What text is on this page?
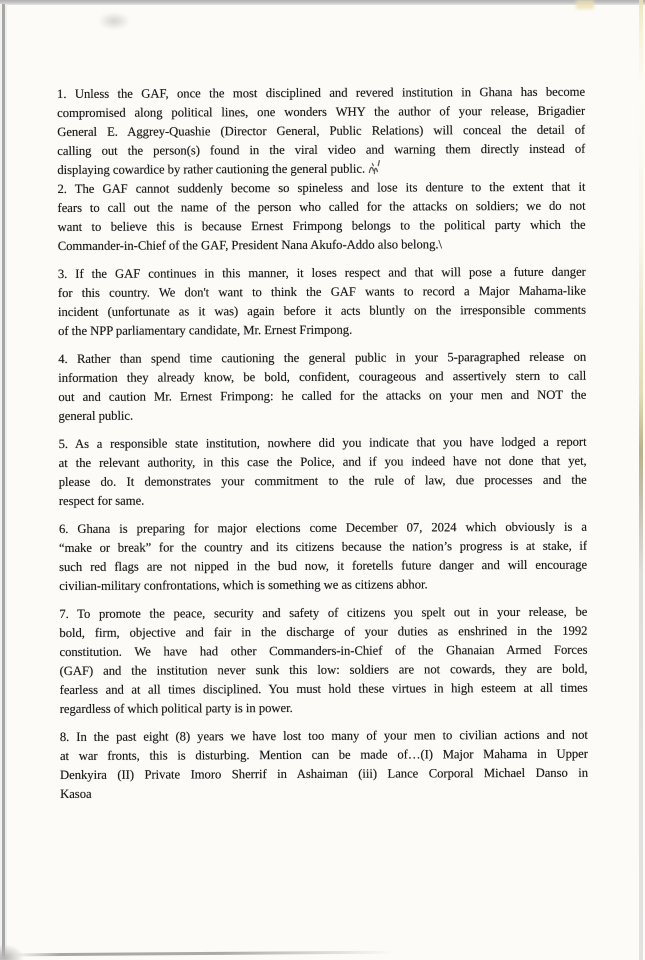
1. Unless the GAF, once the most disciplined and revered institution in Ghana has become
compromised along political lines, one wonders WHY the author of your release, Brigadier
General E. Aggrey-Quashie (Director General, Public Relations) will conceal the detail of
calling out the person(s) found in the viral video and warning them directly instead of
displaying cowardice by rather cautioning the general public.
2. The GAF cannot suddenly become so spineless and lose its denture to the extent that it
fears to call out the name of the person who called for the attacks on soldiers; we do not
want to believe this is because Ernest Frimpong belongs to the political party which the
Commander-in-Chief of the GAF, President Nana Akufo-Addo also belong.\
3. If the GAF continues in this manner, it loses respect and that will pose a future danger
for this country. We don't want to think the GAF wants to record a Major Mahama-like
incident (unfortunate as it was) again before it acts bluntly on the irresponsible comments
of the NPP parliamentary candidate, Mr. Ernest Frimpong.
4. Rather than spend time cautioning the general public in your 5-paragraphed release on
information they already know, be bold, confident, courageous and assertively stern to call
out and caution Mr. Ernest Frimpong: he called for the attacks on your men and NOT the
general public.
5. As a responsible state institution, nowhere did you indicate that you have lodged a report
at the relevant authority, in this case the Police, and if you indeed have not done that yet,
please do. It demonstrates your commitment to the rule of law, due processes and the
respect for same.
6. Ghana is preparing for major elections come December 07, 2024 which obviously is a
“make or break” for the country and its citizens because the nation’s progress is at stake, if
such red flags are not nipped in the bud now, it foretells future danger and will encourage
civilian-military confrontations, which is something we as citizens abhor.
7. To promote the peace, security and safety of citizens you spelt out in your release, be
bold, firm, objective and fair in the discharge of your duties as enshrined in the 1992
constitution. We have had other Commanders-in-Chief of the Ghanaian Armed Forces
(GAF) and the institution never sunk this low: soldiers are not cowards, they are bold,
fearless and at all times disciplined. You must hold these virtues in high esteem at all times
regardless of which political party is in power.
8. In the past eight (8) years we have lost too many of your men to civilian actions and not
at war fronts, this is disturbing. Mention can be made of…(I) Major Mahama in Upper
Denkyira (II) Private Imoro Sherrif in Ashaiman (iii) Lance Corporal Michael Danso in
Kasoa
